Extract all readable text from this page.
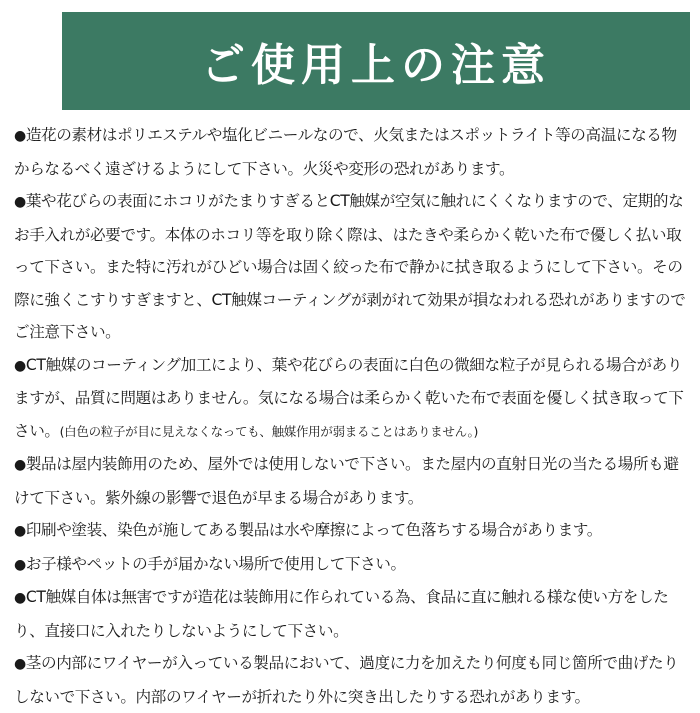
ご使用上の注意

●造花の素材はポリエステルや塩化ビニールなので、火気またはスポットライト等の高温になる物からなるべく遠ざけるようにして下さい。火災や変形の恐れがあります。

●葉や花びらの表面にホコリがたまりすぎるとCT触媒が空気に触れにくくなりますので、定期的なお手入れが必要です。本体のホコリ等を取り除く際は、はたきや柔らかく乾いた布で優しく払い取って下さい。また特に汚れがひどい場合は固く絞った布で静かに拭き取るようにして下さい。その際に強くこすりすぎますと、CT触媒コーティングが剥がれて効果が損なわれる恐れがありますのでご注意下さい。

●CT触媒のコーティング加工により、葉や花びらの表面に白色の微細な粒子が見られる場合がありますが、品質に問題はありません。気になる場合は柔らかく乾いた布で表面を優しく拭き取って下さい。(白色の粒子が目に見えなくなっても、触媒作用が弱まることはありません。)

●製品は屋内装飾用のため、屋外では使用しないで下さい。また屋内の直射日光の当たる場所も避けて下さい。紫外線の影響で退色が早まる場合があります。

●印刷や塗装、染色が施してある製品は水や摩擦によって色落ちする場合があります。

●お子様やペットの手が届かない場所で使用して下さい。

●CT触媒自体は無害ですが造花は装飾用に作られている為、食品に直に触れる様な使い方をしたり、直接口に入れたりしないようにして下さい。

●茎の内部にワイヤーが入っている製品において、過度に力を加えたり何度も同じ箇所で曲げたりしないで下さい。内部のワイヤーが折れたり外に突き出したりする恐れがあります。
